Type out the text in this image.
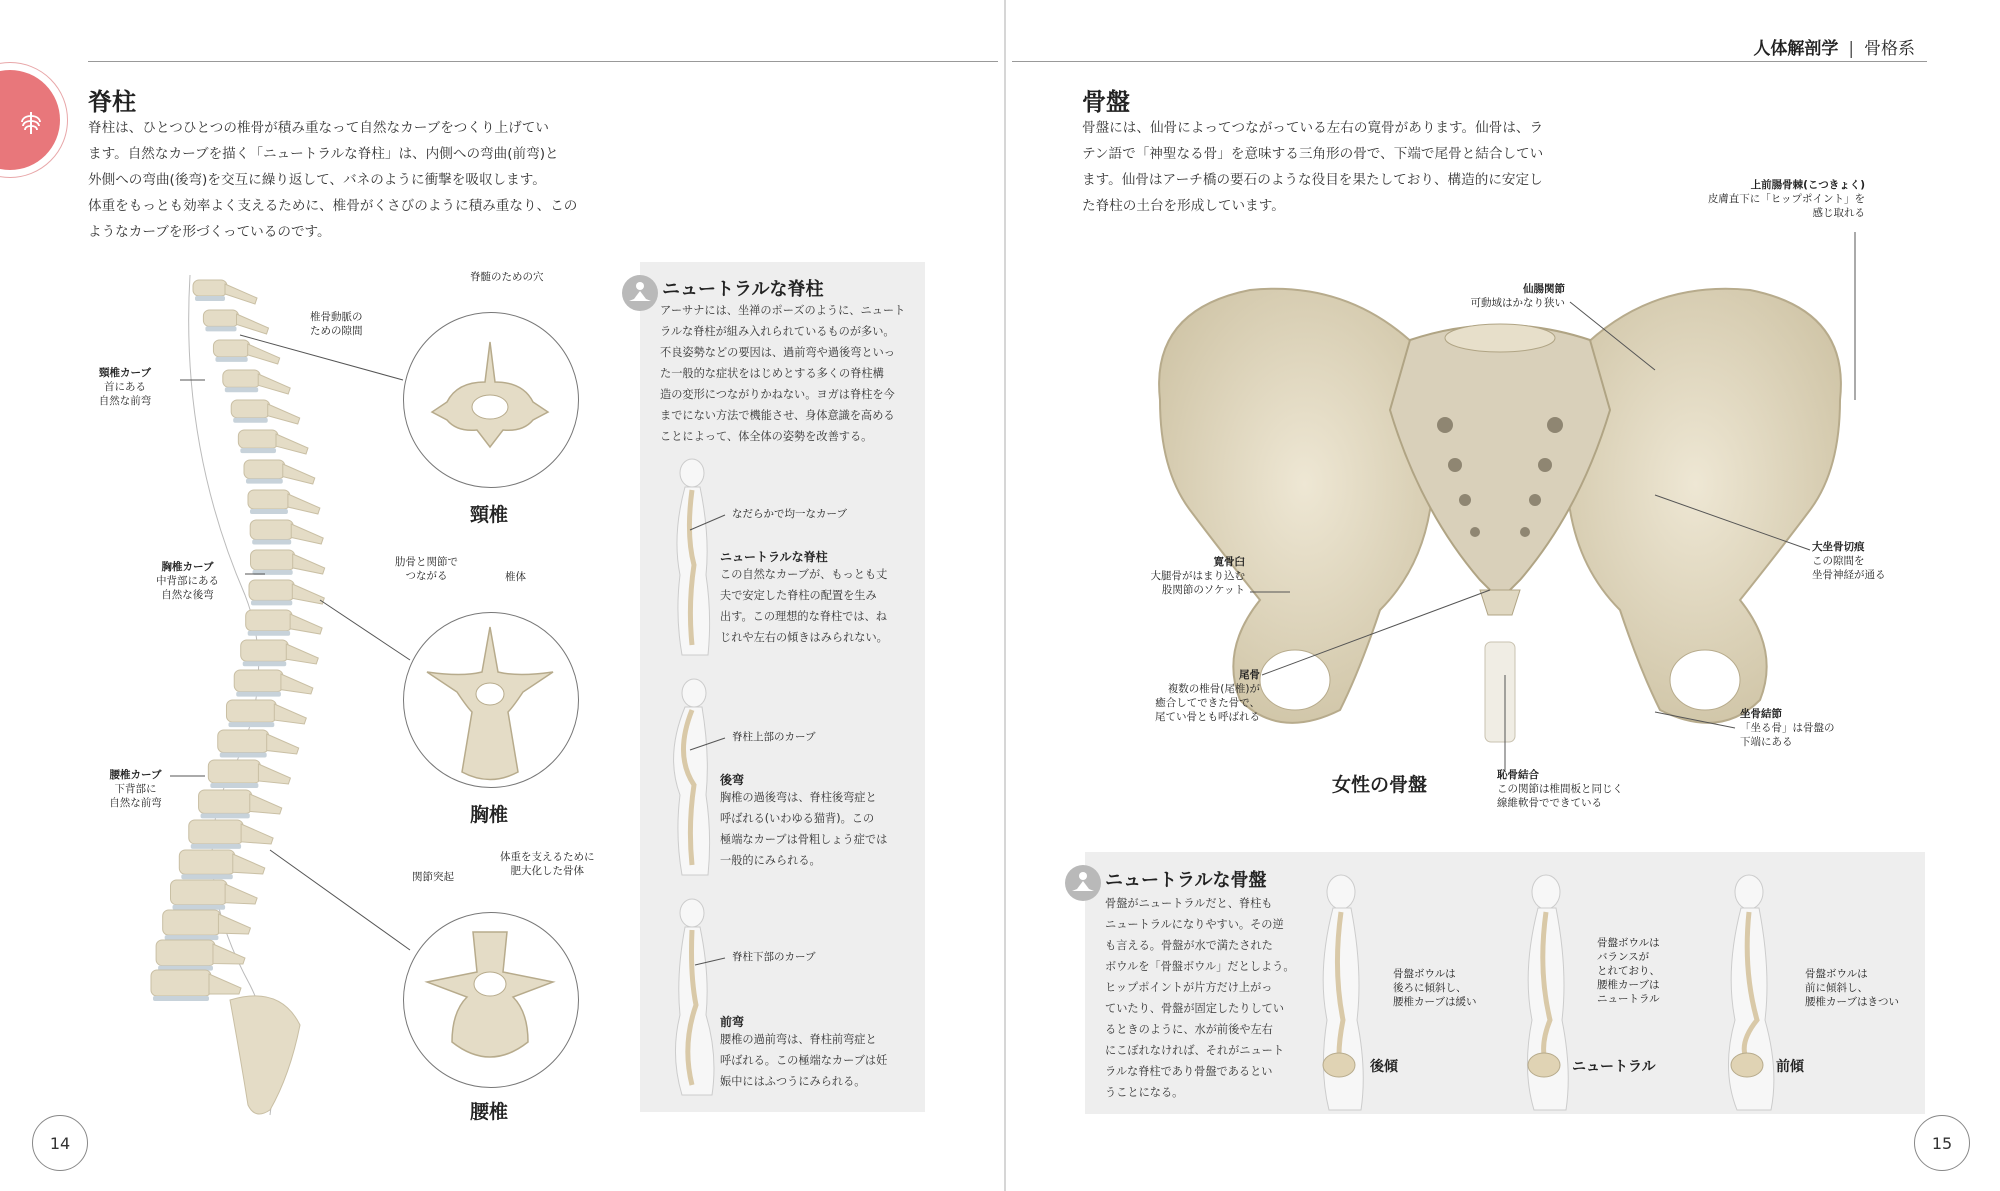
人体解剖学 | 骨格系
脊柱
脊柱は、ひとつひとつの椎骨が積み重なって自然なカーブをつくり上げてい
ます。自然なカーブを描く「ニュートラルな脊柱」は、内側への弯曲(前弯)と
外側への弯曲(後弯)を交互に繰り返して、バネのように衝撃を吸収します。
体重をもっとも効率よく支えるために、椎骨がくさびのように積み重なり、この
ようなカーブを形づくっているのです。
頸椎カーブ
首にある
自然な前弯
胸椎カーブ
中背部にある
自然な後弯
腰椎カーブ
下背部に
自然な前弯
脊髄のための穴
椎骨動脈の
ための隙間
頸椎
肋骨と関節で
つながる	椎体
胸椎
関節突起
体重を支えるために
肥大化した骨体
腰椎
14
ニュートラルな脊柱
アーサナには、坐禅のポーズのように、ニュート
ラルな脊柱が組み入れられているものが多い。
不良姿勢などの要因は、過前弯や過後弯といっ
た一般的な症状をはじめとする多くの脊柱構
造の変形につながりかねない。ヨガは脊柱を今
までにない方法で機能させ、身体意識を高める
ことによって、体全体の姿勢を改善する。
なだらかで均一なカーブ
ニュートラルな脊柱
この自然なカーブが、もっとも丈
夫で安定した脊柱の配置を生み
出す。この理想的な脊柱では、ね
じれや左右の傾きはみられない。
脊柱上部のカーブ
後弯
胸椎の過後弯は、脊柱後弯症と
呼ばれる(いわゆる猫背)。この
極端なカーブは骨粗しょう症では
一般的にみられる。
脊柱下部のカーブ
前弯
腰椎の過前弯は、脊柱前弯症と
呼ばれる。この極端なカーブは妊
娠中にはふつうにみられる。
骨盤
骨盤には、仙骨によってつながっている左右の寛骨があります。仙骨は、ラ
テン語で「神聖なる骨」を意味する三角形の骨で、下端で尾骨と結合してい
ます。仙骨はアーチ橋の要石のような役目を果たしており、構造的に安定し
た脊柱の土台を形成しています。
上前腸骨棘(こつきょく)
皮膚直下に「ヒップポイント」を
感じ取れる
仙腸関節
可動域はかなり狭い
大坐骨切痕
この隙間を
坐骨神経が通る
寛骨臼
大腿骨がはまり込む
股関節のソケット
尾骨
複数の椎骨(尾椎)が
癒合してできた骨で、
尾てい骨とも呼ばれる	坐骨結節
「坐る骨」は骨盤の
下端にある
恥骨結合
この関節は椎間板と同じく
線維軟骨でできている
女性の骨盤
ニュートラルな骨盤
骨盤がニュートラルだと、脊柱も
ニュートラルになりやすい。その逆
も言える。骨盤が水で満たされた
ボウルを「骨盤ボウル」だとしよう。
ヒップポイントが片方だけ上がっ
ていたり、骨盤が固定したりしてい
るときのように、水が前後や左右
にこぼれなければ、それがニュート
ラルな脊柱であり骨盤であるとい
うことになる。
骨盤ボウルは
後ろに傾斜し、
腰椎カーブは緩い
骨盤ボウルは
バランスが
とれており、
腰椎カーブは
ニュートラル
骨盤ボウルは
前に傾斜し、
腰椎カーブはきつい
後傾	ニュートラル	前傾
15
